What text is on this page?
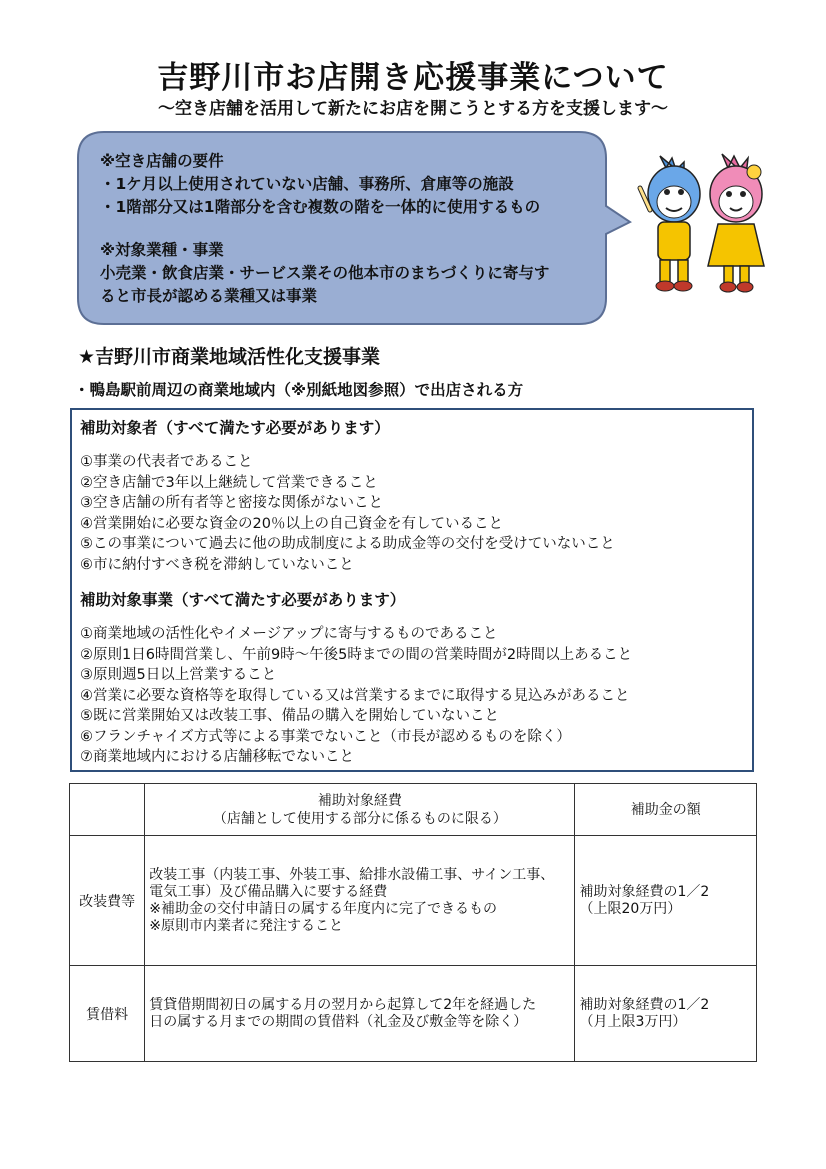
吉野川市お店開き応援事業について
～空き店舗を活用して新たにお店を開こうとする方を支援します～
※空き店舗の要件
・1ケ月以上使用されていない店舗、事務所、倉庫等の施設
・1階部分又は1階部分を含む複数の階を一体的に使用するもの
※対象業種・事業
小売業・飲食店業・サービス業その他本市のまちづくりに寄与す
ると市長が認める業種又は事業
★吉野川市商業地域活性化支援事業
・鴨島駅前周辺の商業地域内（※別紙地図参照）で出店される方
補助対象者（すべて満たす必要があります）
①事業の代表者であること
②空き店舗で3年以上継続して営業できること
③空き店舗の所有者等と密接な関係がないこと
④営業開始に必要な資金の20％以上の自己資金を有していること
⑤この事業について過去に他の助成制度による助成金等の交付を受けていないこと
⑥市に納付すべき税を滞納していないこと
補助対象事業（すべて満たす必要があります）
①商業地域の活性化やイメージアップに寄与するものであること
②原則1日6時間営業し、午前9時～午後5時までの間の営業時間が2時間以上あること
③原則週5日以上営業すること
④営業に必要な資格等を取得している又は営業するまでに取得する見込みがあること
⑤既に営業開始又は改装工事、備品の購入を開始していないこと
⑥フランチャイズ方式等による事業でないこと（市長が認めるものを除く）
⑦商業地域内における店舗移転でないこと
	補助対象経費
（店舗として使用する部分に係るものに限る）	補助金の額
改装費等	改装工事（内装工事、外装工事、給排水設備工事、サイン工事、
電気工事）及び備品購入に要する経費
※補助金の交付申請日の属する年度内に完了できるもの
※原則市内業者に発注すること	補助対象経費の1／2
（上限20万円）
賃借料	賃貸借期間初日の属する月の翌月から起算して2年を経過した
日の属する月までの期間の賃借料（礼金及び敷金等を除く）	補助対象経費の1／2
（月上限3万円）
